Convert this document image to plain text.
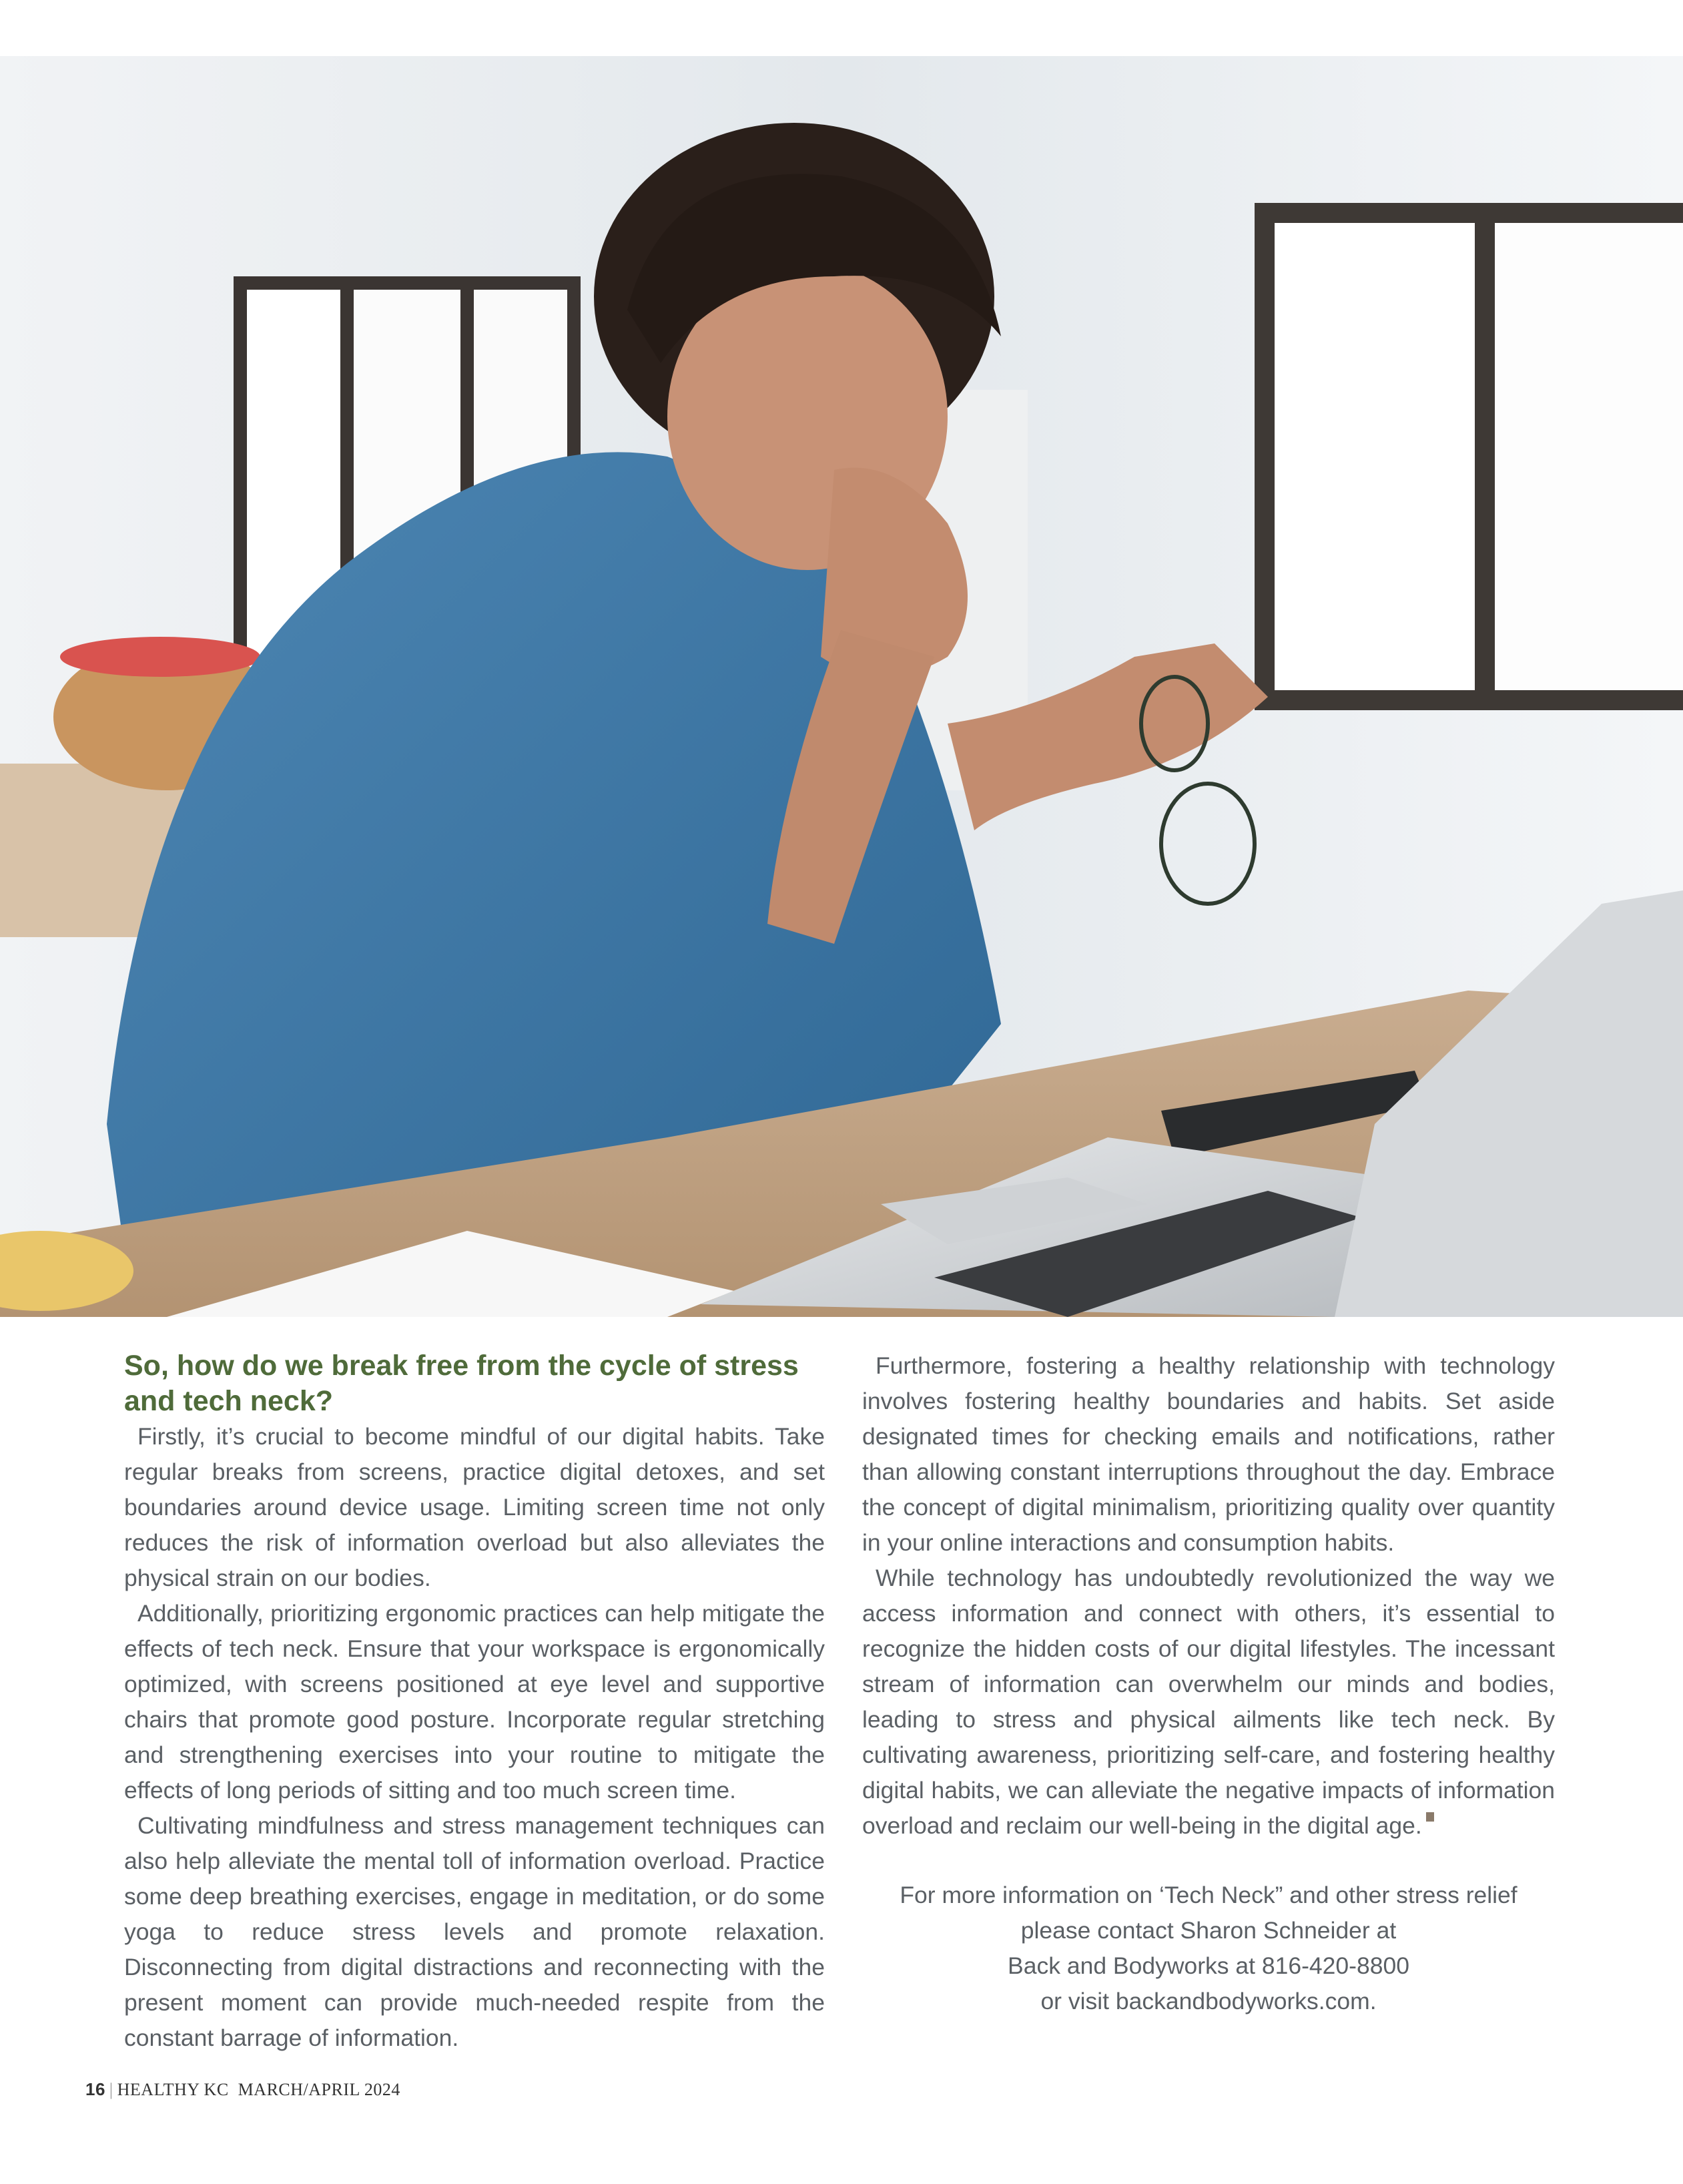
So, how do we break free from the cycle of stress and tech neck?

Firstly, it’s crucial to become mindful of our digital habits. Take regular breaks from screens, practice digital detoxes, and set boundaries around device usage. Limiting screen time not only reduces the risk of information overload but also alleviates the physical strain on our bodies.

Additionally, prioritizing ergonomic practices can help mitigate the effects of tech neck. Ensure that your workspace is ergonomically optimized, with screens positioned at eye level and supportive chairs that promote good posture. Incorporate regular stretching and strengthening exercises into your routine to mitigate the effects of long periods of sitting and too much screen time.

Cultivating mindfulness and stress management techniques can also help alleviate the mental toll of information overload. Practice some deep breathing exercises, engage in meditation, or do some yoga to reduce stress levels and promote relaxation. Disconnecting from digital distractions and reconnecting with the present moment can provide much-needed respite from the constant barrage of information.

Furthermore, fostering a healthy relationship with technology involves fostering healthy boundaries and habits. Set aside designated times for checking emails and notifications, rather than allowing constant interruptions throughout the day. Embrace the concept of digital minimalism, prioritizing quality over quantity in your online interactions and consumption habits.

While technology has undoubtedly revolutionized the way we access information and connect with others, it’s essential to recognize the hidden costs of our digital lifestyles. The incessant stream of information can overwhelm our minds and bodies, leading to stress and physical ailments like tech neck. By cultivating awareness, prioritizing self-care, and fostering healthy digital habits, we can alleviate the negative impacts of information overload and reclaim our well-being in the digital age.

For more information on ‘Tech Neck” and other stress relief
please contact Sharon Schneider at
Back and Bodyworks at 816-420-8800
or visit backandbodyworks.com.
16 | HEALTHY KC MARCH/APRIL 2024
